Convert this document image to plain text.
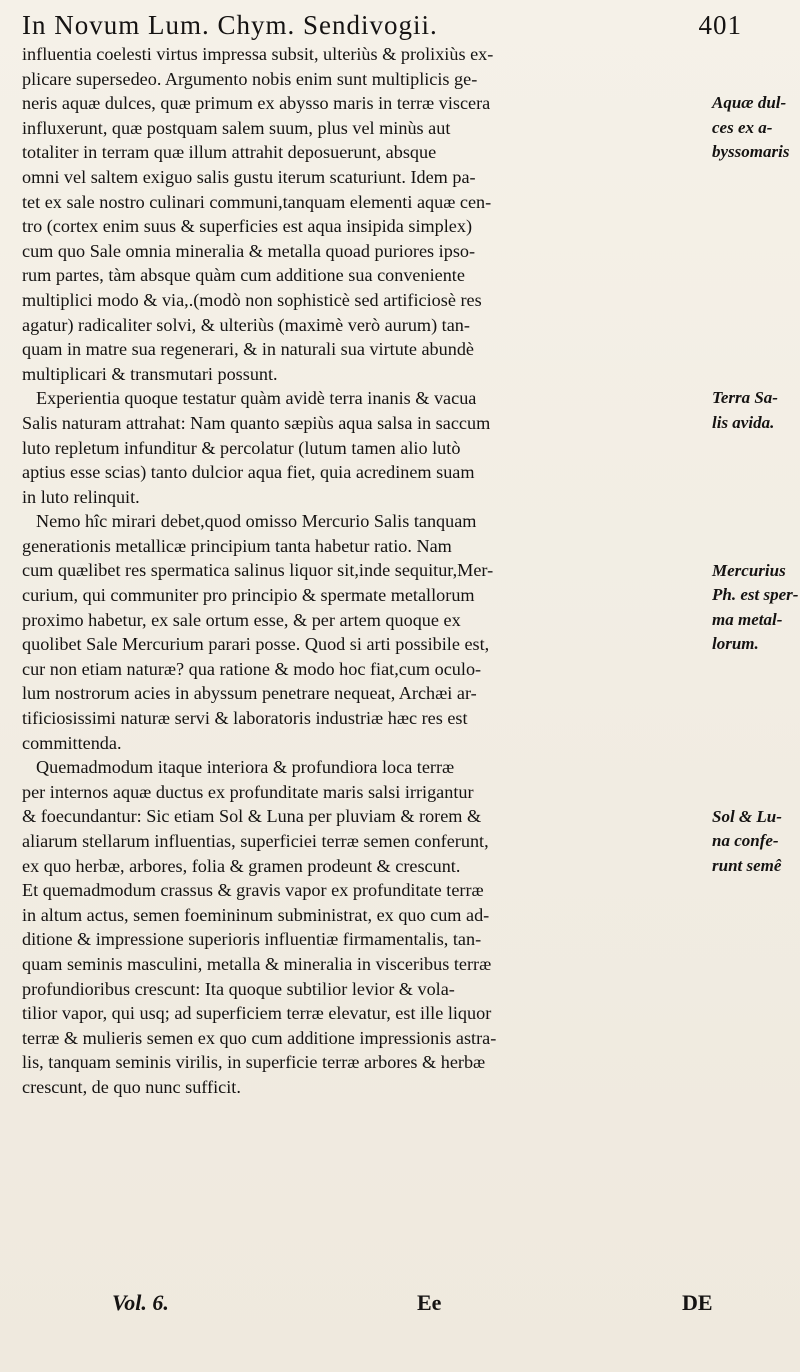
In Novum Lum. Chym. Sendivogii.	401
influentia coelesti virtus impressa subsit, ulteriùs & prolixiùs ex-
plicare supersedeo. Argumento nobis enim sunt multiplicis ge-
neris aquæ dulces, quæ primum ex abysso maris in terræ viscera
influxerunt, quæ postquam salem suum, plus vel minùs aut
totaliter in terram quæ illum attrahit deposuerunt, absque
omni vel saltem exiguo salis gustu iterum scaturiunt. Idem pa-
tet ex sale nostro culinari communi,tanquam elementi aquæ cen-
tro (cortex enim suus & superficies est aqua insipida simplex)
cum quo Sale omnia mineralia & metalla quoad puriores ipso-
rum partes, tàm absque quàm cum additione sua conveniente
multiplici modo & via,.(modò non sophisticè sed artificiosè res
agatur) radicaliter solvi, & ulteriùs (maximè verò aurum) tan-
quam in matre sua regenerari, & in naturali sua virtute abundè
multiplicari & transmutari possunt.
Experientia quoque testatur quàm avidè terra inanis & vacua
Salis naturam attrahat: Nam quanto sæpiùs aqua salsa in saccum
luto repletum infunditur & percolatur (lutum tamen alio lutò
aptius esse scias) tanto dulcior aqua fiet, quia acredinem suam
in luto relinquit.
Nemo hîc mirari debet,quod omisso Mercurio Salis tanquam
generationis metallicæ principium tanta habetur ratio. Nam
cum quælibet res spermatica salinus liquor sit,inde sequitur,Mer-
curium, qui communiter pro principio & spermate metallorum
proximo habetur, ex sale ortum esse, & per artem quoque ex
quolibet Sale Mercurium parari posse. Quod si arti possibile est,
cur non etiam naturæ? qua ratione & modo hoc fiat,cum oculo-
lum nostrorum acies in abyssum penetrare nequeat, Archæi ar-
tificiosissimi naturæ servi & laboratoris industriæ hæc res est
committenda.
Quemadmodum itaque interiora & profundiora loca terræ
per internos aquæ ductus ex profunditate maris salsi irrigantur
& foecundantur: Sic etiam Sol & Luna per pluviam & rorem &
aliarum stellarum influentias, superficiei terræ semen conferunt,
ex quo herbæ, arbores, folia & gramen prodeunt & crescunt.
Et quemadmodum crassus & gravis vapor ex profunditate terræ
in altum actus, semen foemininum subministrat, ex quo cum ad-
ditione & impressione superioris influentiæ firmamentalis, tan-
quam seminis masculini, metalla & mineralia in visceribus terræ
profundioribus crescunt: Ita quoque subtilior levior & vola-
tilior vapor, qui usq; ad superficiem terræ elevatur, est ille liquor
terræ & mulieris semen ex quo cum additione impressionis astra-
lis, tanquam seminis virilis, in superficie terræ arbores & herbæ
crescunt, de quo nunc sufficit.
Aquæ dul-
ces ex a-
byssomaris
Terra Sa-
lis avida.
Mercurius
Ph. est sper-
ma metal-
lorum.
Sol & Lu-
na confe-
runt semê
Vol. 6.	Ee	DE
